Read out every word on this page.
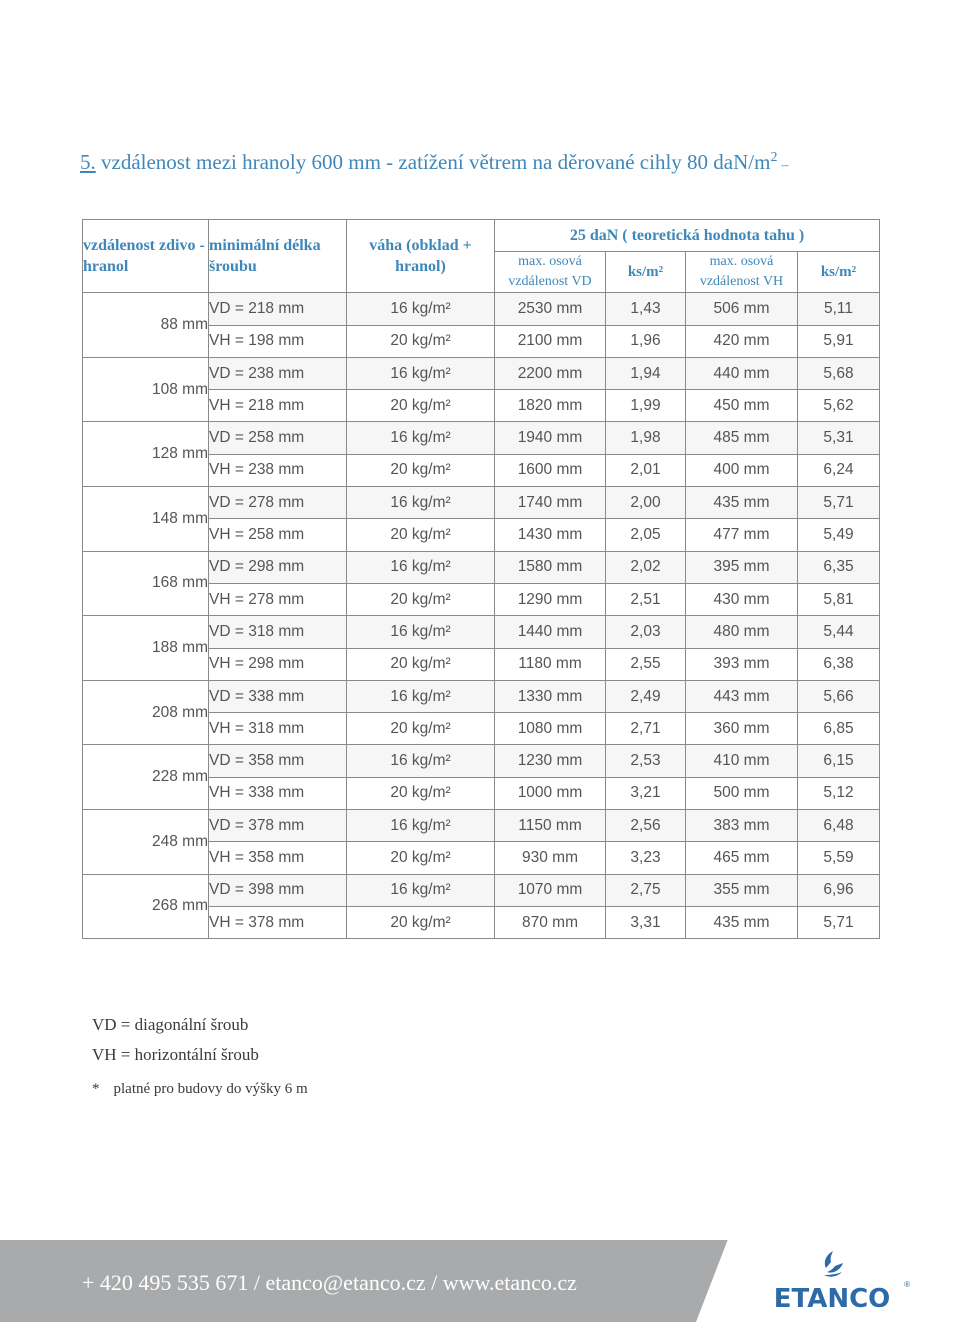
5. vzdálenost mezi hranoly 600 mm - zatížení větrem na děrované cihly 80 daN/$m^2-$
vzdálenost zdivo - hranol	minimální délka šroubu	váha (obklad + hranol)	25 daN ( teoretická hodnota tahu )			
			max. osová vzdálenost VD	ks/m²	max. osová vzdálenost VH	ks/m²
88 mm	VD = 218 mm	16 kg/m²	2530 mm	1,43	506 mm	5,11
	VH = 198 mm	20 kg/m²	2100 mm	1,96	420 mm	5,91
108 mm	VD = 238 mm	16 kg/m²	2200 mm	1,94	440 mm	5,68
	VH = 218 mm	20 kg/m²	1820 mm	1,99	450 mm	5,62
128 mm	VD = 258 mm	16 kg/m²	1940 mm	1,98	485 mm	5,31
	VH = 238 mm	20 kg/m²	1600 mm	2,01	400 mm	6,24
148 mm	VD = 278 mm	16 kg/m²	1740 mm	2,00	435 mm	5,71
	VH = 258 mm	20 kg/m²	1430 mm	2,05	477 mm	5,49
168 mm	VD = 298 mm	16 kg/m²	1580 mm	2,02	395 mm	6,35
	VH = 278 mm	20 kg/m²	1290 mm	2,51	430 mm	5,81
188 mm	VD = 318 mm	16 kg/m²	1440 mm	2,03	480 mm	5,44
	VH = 298 mm	20 kg/m²	1180 mm	2,55	393 mm	6,38
208 mm	VD = 338 mm	16 kg/m²	1330 mm	2,49	443 mm	5,66
	VH = 318 mm	20 kg/m²	1080 mm	2,71	360 mm	6,85
228 mm	VD = 358 mm	16 kg/m²	1230 mm	2,53	410 mm	6,15
	VH = 338 mm	20 kg/m²	1000 mm	3,21	500 mm	5,12
248 mm	VD = 378 mm	16 kg/m²	1150 mm	2,56	383 mm	6,48
	VH = 358 mm	20 kg/m²	930 mm	3,23	465 mm	5,59
268 mm	VD = 398 mm	16 kg/m²	1070 mm	2,75	355 mm	6,96
	VH = 378 mm	20 kg/m²	870 mm	3,31	435 mm	5,71
VD = diagonální šroub
VH = horizontální šroub
* platné pro budovy do výšky 6 m
+ 420 495 535 671 / etanco@etanco.cz / www.etanco.cz
ETANCO	®
